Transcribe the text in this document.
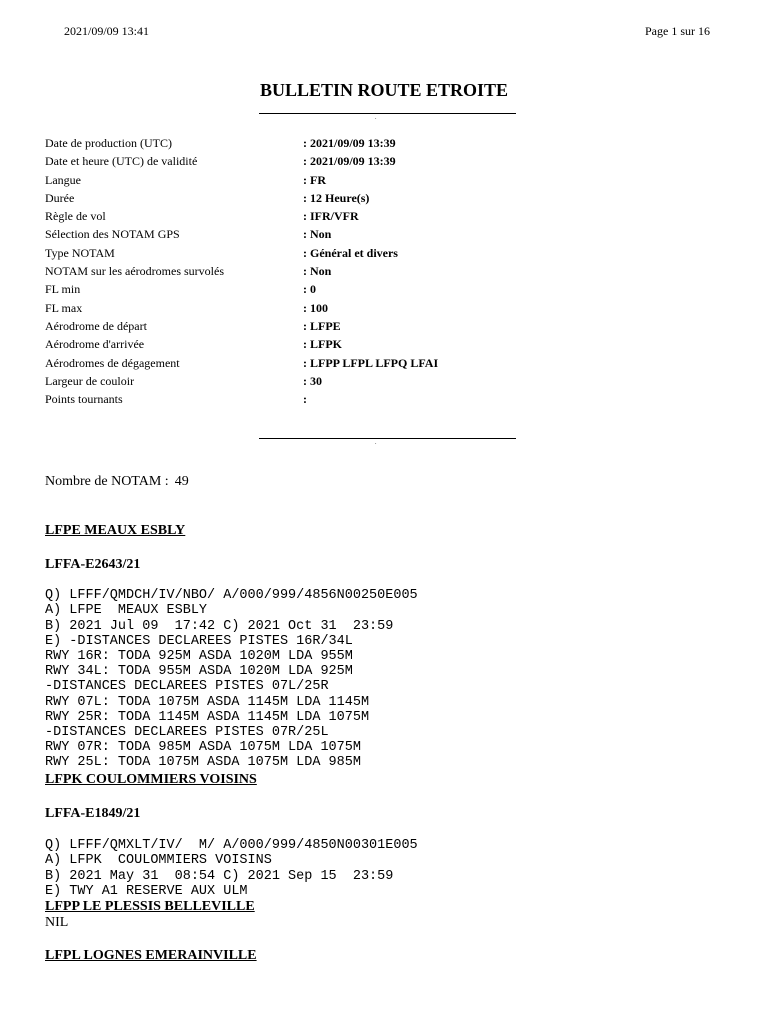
2021/09/09 13:41	Page 1 sur 16
BULLETIN ROUTE ETROITE
.
Date de production (UTC)	: 2021/09/09 13:39
Date et heure (UTC) de validité	: 2021/09/09 13:39
Langue	: FR
Durée	: 12 Heure(s)
Règle de vol	: IFR/VFR
Sélection des NOTAM GPS	: Non
Type NOTAM	: Général et divers
NOTAM sur les aérodromes survolés	: Non
FL min	: 0
FL max	: 100
Aérodrome de départ	: LFPE
Aérodrome d'arrivée	: LFPK
Aérodromes de dégagement	: LFPP LFPL LFPQ LFAI
Largeur de couloir	: 30
Points tournants	:
.
Nombre de NOTAM : 49
LFPE MEAUX ESBLY
LFFA-E2643/21

Q) LFFF/QMDCH/IV/NBO/ A/000/999/4856N00250E005
A) LFPE  MEAUX ESBLY
B) 2021 Jul 09  17:42 C) 2021 Oct 31  23:59
E) -DISTANCES DECLAREES PISTES 16R/34L
RWY 16R: TODA 925M ASDA 1020M LDA 955M
RWY 34L: TODA 955M ASDA 1020M LDA 925M
-DISTANCES DECLAREES PISTES 07L/25R
RWY 07L: TODA 1075M ASDA 1145M LDA 1145M
RWY 25R: TODA 1145M ASDA 1145M LDA 1075M
-DISTANCES DECLAREES PISTES 07R/25L
RWY 07R: TODA 985M ASDA 1075M LDA 1075M
RWY 25L: TODA 1075M ASDA 1075M LDA 985M

LFPK COULOMMIERS VOISINS
LFFA-E1849/21

Q) LFFF/QMXLT/IV/  M/ A/000/999/4850N00301E005
A) LFPK  COULOMMIERS VOISINS
B) 2021 May 31  08:54 C) 2021 Sep 15  23:59
E) TWY A1 RESERVE AUX ULM

LFPP LE PLESSIS BELLEVILLE
NIL
LFPL LOGNES EMERAINVILLE
